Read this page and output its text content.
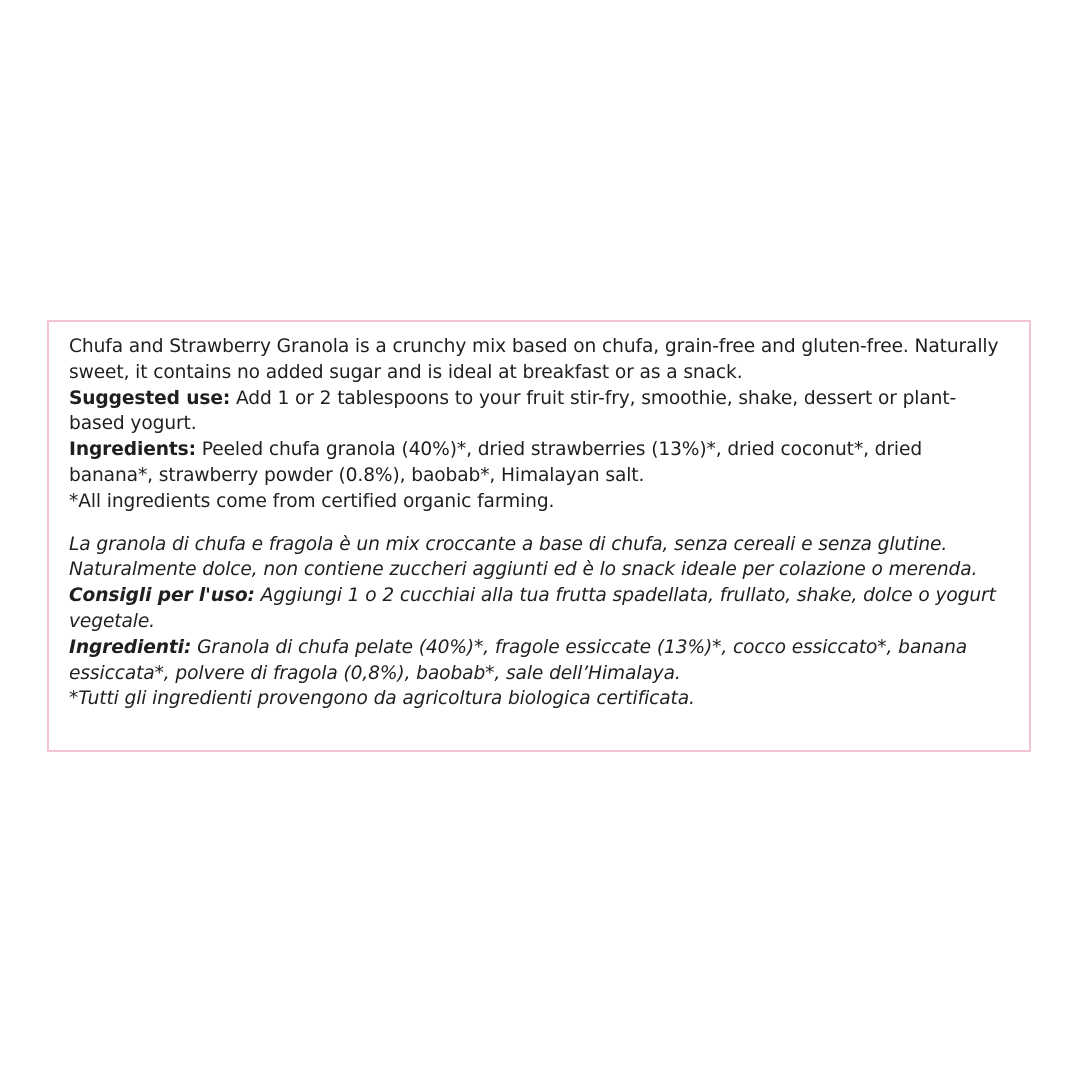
Chufa and Strawberry Granola is a crunchy mix based on chufa, grain-free and gluten-free. Naturally sweet, it contains no added sugar and is ideal at breakfast or as a snack.

Suggested use: Add 1 or 2 tablespoons to your fruit stir-fry, smoothie, shake, dessert or plant-based yogurt.

Ingredients: Peeled chufa granola (40%)*, dried strawberries (13%)*, dried coconut*, dried banana*, strawberry powder (0.8%), baobab*, Himalayan salt.

*All ingredients come from certified organic farming.

La granola di chufa e fragola è un mix croccante a base di chufa, senza cereali e senza glutine. Naturalmente dolce, non contiene zuccheri aggiunti ed è lo snack ideale per colazione o merenda.

Consigli per l'uso: Aggiungi 1 o 2 cucchiai alla tua frutta spadellata, frullato, shake, dolce o yogurt vegetale.

Ingredienti: Granola di chufa pelate (40%)*, fragole essiccate (13%)*, cocco essiccato*, banana essiccata*, polvere di fragola (0,8%), baobab*, sale dell’Himalaya.

*Tutti gli ingredienti provengono da agricoltura biologica certificata.
